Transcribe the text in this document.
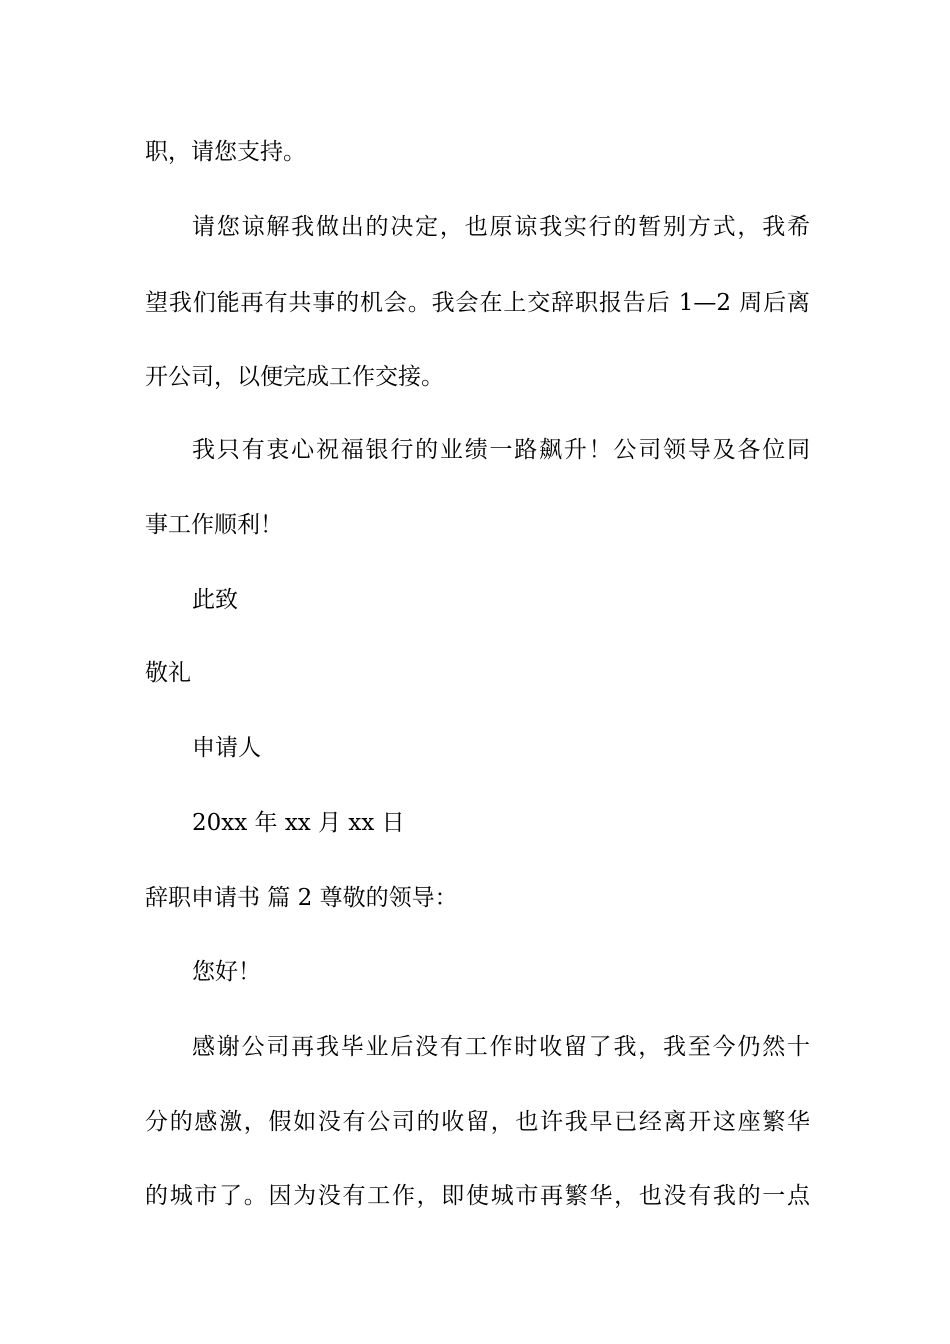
职，请您支持。
请您谅解我做出的决定，也原谅我实行的暂别方式，我希
望我们能再有共事的机会。我会在上交辞职报告后 1—2 周后离
开公司，以便完成工作交接。
我只有衷心祝福银行的业绩一路飙升！公司领导及各位同
事工作顺利！
此致
敬礼
申请人
20xx 年 xx 月 xx 日
辞职申请书 篇 2 尊敬的领导：
您好！
感谢公司再我毕业后没有工作时收留了我，我至今仍然十
分的感激，假如没有公司的收留，也许我早已经离开这座繁华
的城市了。因为没有工作，即使城市再繁华，也没有我的一点
